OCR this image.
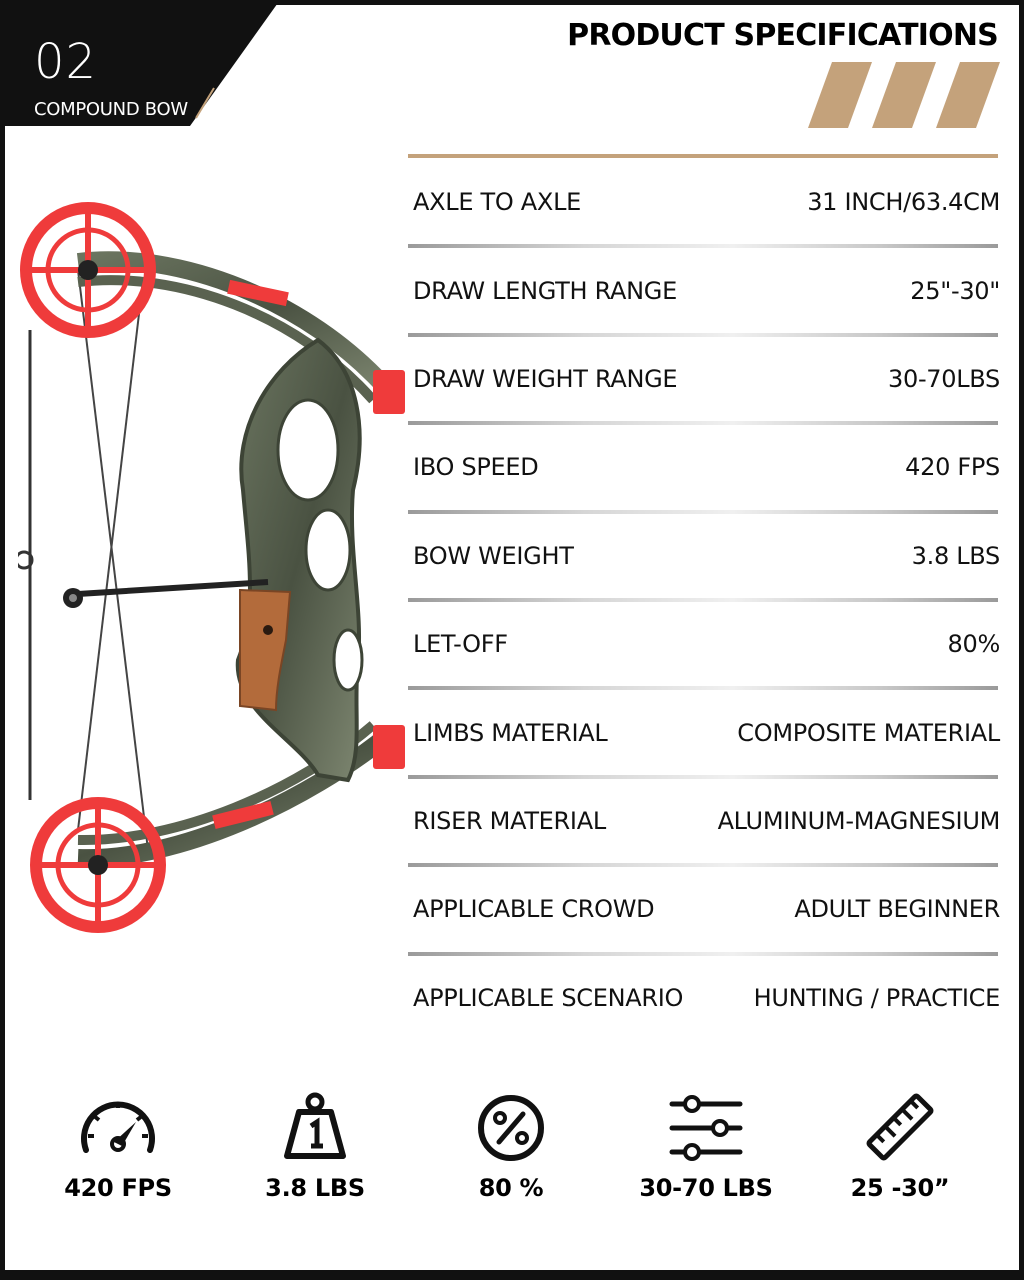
02
COMPOUND BOW
PRODUCT SPECIFICATIONS
AXLE TO AXLE	31 INCH/63.4CM
DRAW LENGTH RANGE	25"-30"
DRAW WEIGHT RANGE	30-70LBS
IBO SPEED	420 FPS
BOW WEIGHT	3.8 LBS
LET-OFF	80%
LIMBS MATERIAL	COMPOSITE MATERIAL
RISER MATERIAL	ALUMINUM-MAGNESIUM
APPLICABLE CROWD	ADULT BEGINNER
APPLICABLE SCENARIO	HUNTING / PRACTICE
420 FPS	3.8 LBS	80 %	30-70 LBS	25 -30”
